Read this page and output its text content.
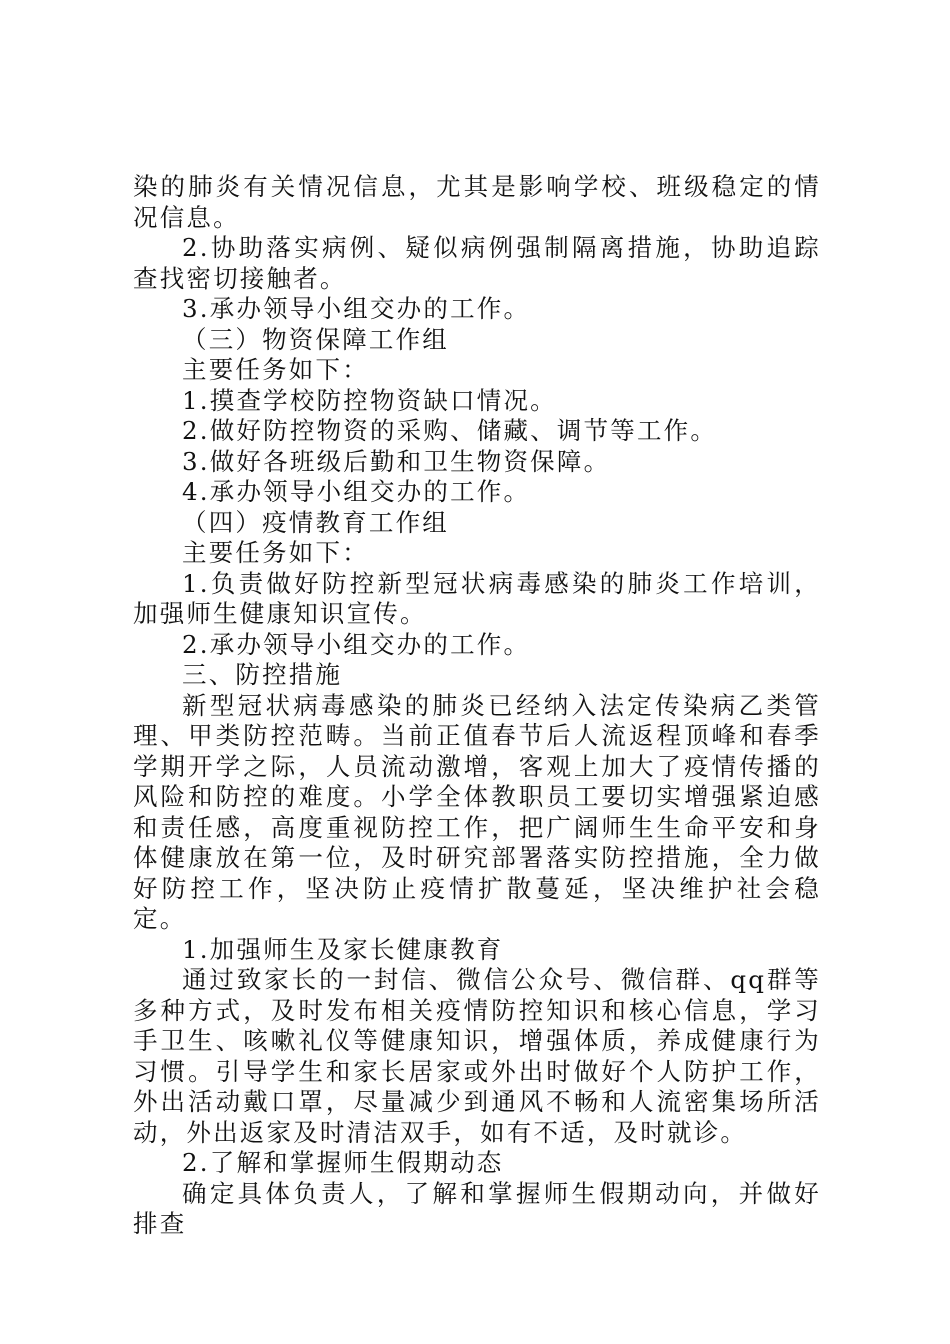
染的肺炎有关情况信息，尤其是影响学校、班级稳定的情况信息。

2.协助落实病例、疑似病例强制隔离措施，协助追踪查找密切接触者。

3.承办领导小组交办的工作。

（三）物资保障工作组

主要任务如下：

1.摸查学校防控物资缺口情况。

2.做好防控物资的采购、储藏、调节等工作。

3.做好各班级后勤和卫生物资保障。

4.承办领导小组交办的工作。

（四）疫情教育工作组

主要任务如下：

1.负责做好防控新型冠状病毒感染的肺炎工作培训，加强师生健康知识宣传。

2.承办领导小组交办的工作。

三、防控措施

新型冠状病毒感染的肺炎已经纳入法定传染病乙类管理、甲类防控范畴。当前正值春节后人流返程顶峰和春季学期开学之际，人员流动激增，客观上加大了疫情传播的风险和防控的难度。小学全体教职员工要切实增强紧迫感和责任感，高度重视防控工作，把广阔师生生命平安和身体健康放在第一位，及时研究部署落实防控措施，全力做好防控工作，坚决防止疫情扩散蔓延，坚决维护社会稳定。

1.加强师生及家长健康教育

通过致家长的一封信、微信公众号、微信群、qq群等多种方式，及时发布相关疫情防控知识和核心信息，学习手卫生、咳嗽礼仪等健康知识，增强体质，养成健康行为习惯。引导学生和家长居家或外出时做好个人防护工作，外出活动戴口罩，尽量减少到通风不畅和人流密集场所活动，外出返家及时清洁双手，如有不适，及时就诊。

2.了解和掌握师生假期动态

确定具体负责人，了解和掌握师生假期动向，并做好排查
